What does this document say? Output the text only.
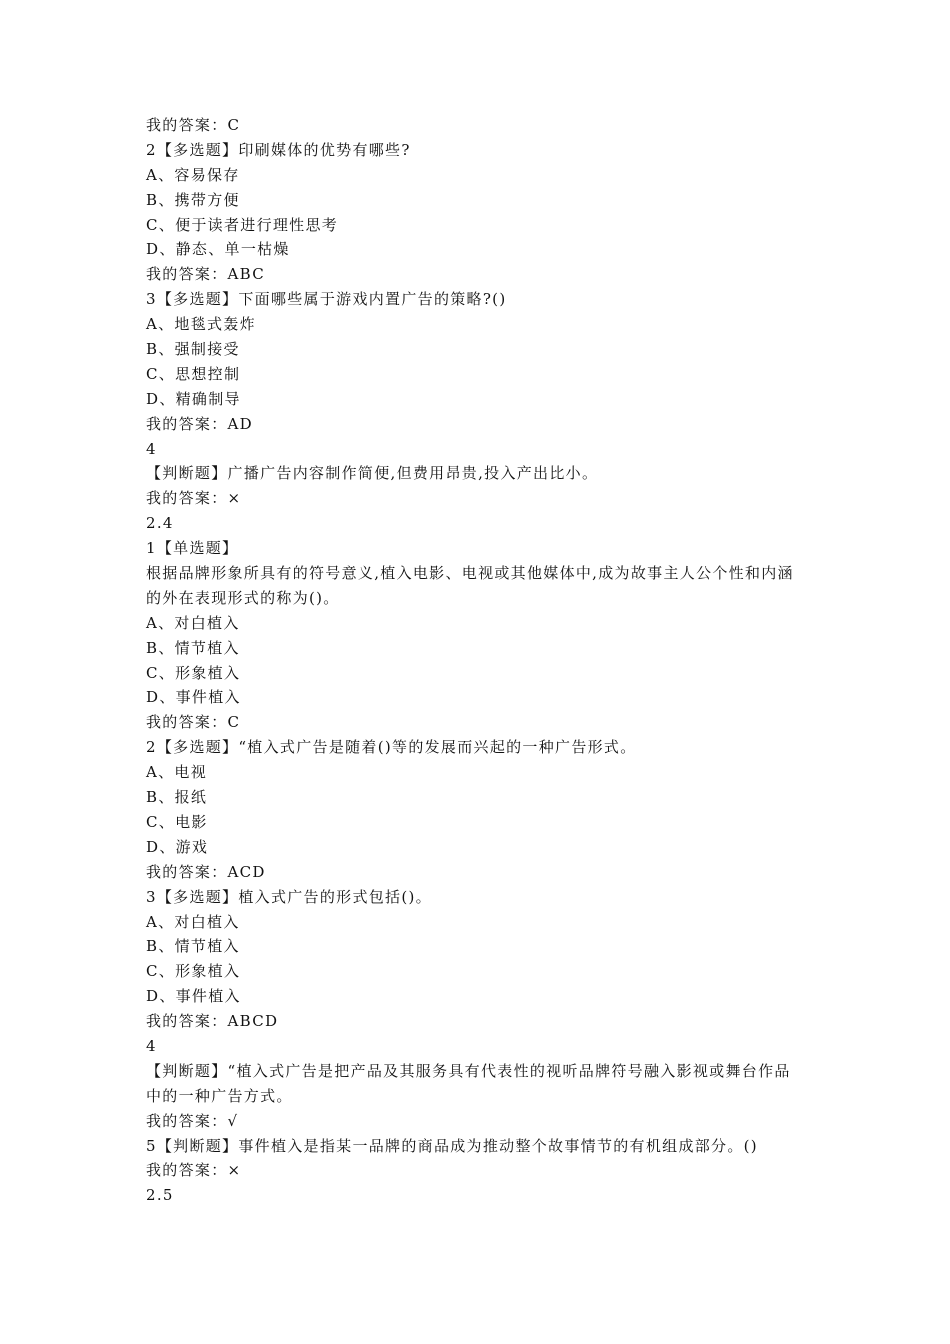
我的答案：C
2【多选题】印刷媒体的优势有哪些?
A、容易保存
B、携带方便
C、便于读者进行理性思考
D、静态、单一枯燥
我的答案：ABC
3【多选题】下面哪些属于游戏内置广告的策略?()
A、地毯式轰炸
B、强制接受
C、思想控制
D、精确制导
我的答案：AD
4
【判断题】广播广告内容制作简便,但费用昂贵,投入产出比小。
我的答案：×
2.4
1【单选题】
根据品牌形象所具有的符号意义,植入电影、电视或其他媒体中,成为故事主人公个性和内涵
的外在表现形式的称为()。
A、对白植入
B、情节植入
C、形象植入
D、事件植入
我的答案：C
2【多选题】“植入式广告是随着()等的发展而兴起的一种广告形式。
A、电视
B、报纸
C、电影
D、游戏
我的答案：ACD
3【多选题】植入式广告的形式包括()。
A、对白植入
B、情节植入
C、形象植入
D、事件植入
我的答案：ABCD
4
【判断题】“植入式广告是把产品及其服务具有代表性的视听品牌符号融入影视或舞台作品
中的一种广告方式。
我的答案：√
5【判断题】事件植入是指某一品牌的商品成为推动整个故事情节的有机组成部分。()
我的答案：×
2.5
